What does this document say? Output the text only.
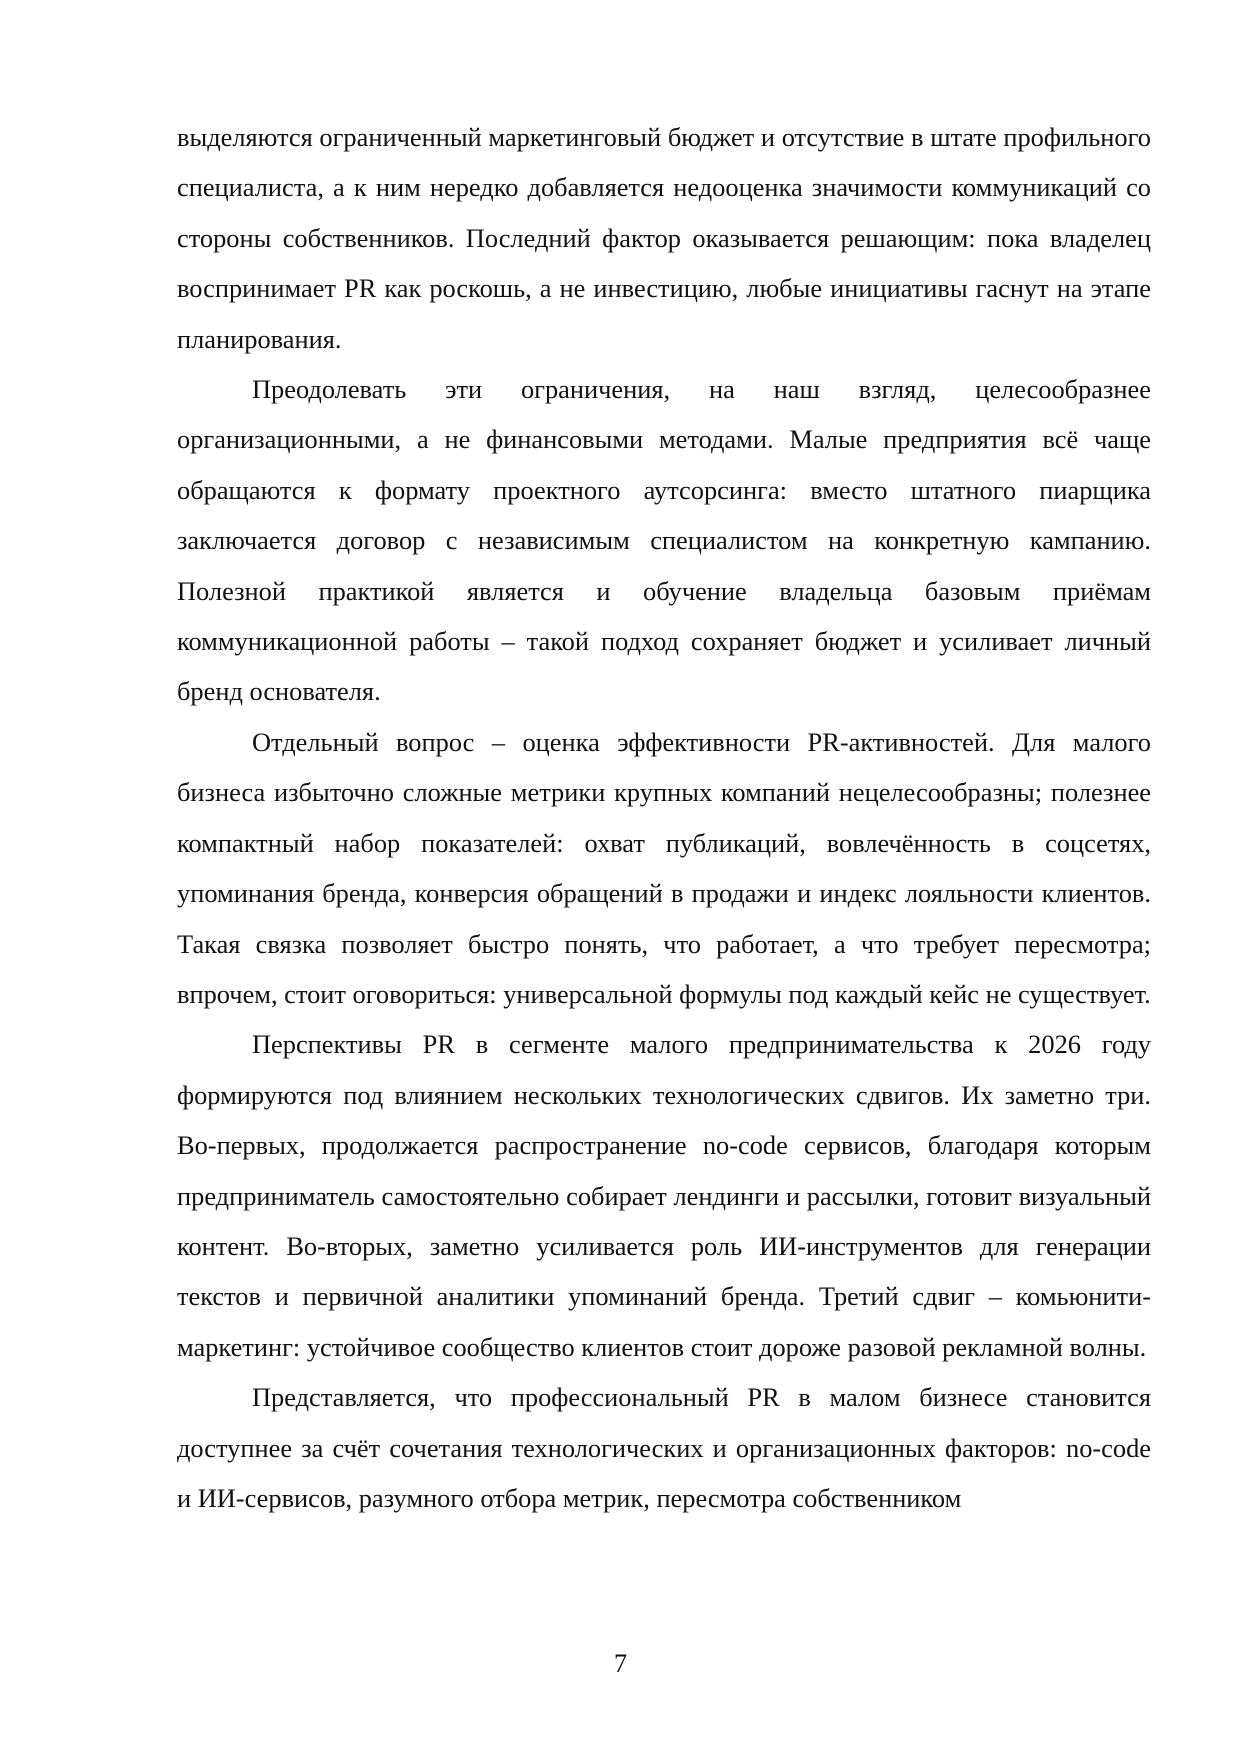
выделяются ограниченный маркетинговый бюджет и отсутствие в штате профильного специалиста, а к ним нередко добавляется недооценка значимости коммуникаций со стороны собственников. Последний фактор оказывается решающим: пока владелец воспринимает PR как роскошь, а не инвестицию, любые инициативы гаснут на этапе планирования.

Преодолевать эти ограничения, на наш взгляд, целесообразнее организационными, а не финансовыми методами. Малые предприятия всё чаще обращаются к формату проектного аутсорсинга: вместо штатного пиарщика заключается договор с независимым специалистом на конкретную кампанию. Полезной практикой является и обучение владельца базовым приёмам коммуникационной работы – такой подход сохраняет бюджет и усиливает личный бренд основателя.

Отдельный вопрос – оценка эффективности PR-активностей. Для малого бизнеса избыточно сложные метрики крупных компаний нецелесообразны; полезнее компактный набор показателей: охват публикаций, вовлечённость в соцсетях, упоминания бренда, конверсия обращений в продажи и индекс лояльности клиентов. Такая связка позволяет быстро понять, что работает, а что требует пересмотра; впрочем, стоит оговориться: универсальной формулы под каждый кейс не существует.

Перспективы PR в сегменте малого предпринимательства к 2026 году формируются под влиянием нескольких технологических сдвигов. Их заметно три. Во-первых, продолжается распространение no-code сервисов, благодаря которым предприниматель самостоятельно собирает лендинги и рассылки, готовит визуальный контент. Во-вторых, заметно усиливается роль ИИ-инструментов для генерации текстов и первичной аналитики упоминаний бренда. Третий сдвиг – комьюнити-маркетинг: устойчивое сообщество клиентов стоит дороже разовой рекламной волны.

Представляется, что профессиональный PR в малом бизнесе становится доступнее за счёт сочетания технологических и организационных факторов: no-code и ИИ-сервисов, разумного отбора метрик, пересмотра собственником

7
